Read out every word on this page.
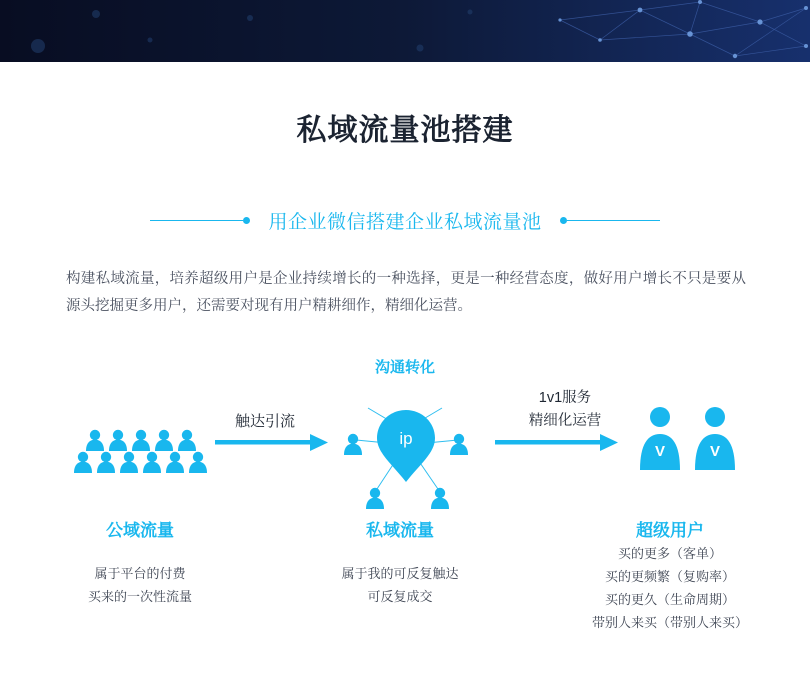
私域流量池搭建
用企业微信搭建企业私域流量池
构建私域流量，培养超级用户是企业持续增长的一种选择，更是一种经营态度，做好用户增长不只是要从源头挖掘更多用户，还需要对现有用户精耕细作，精细化运营。
ip
V	V
沟通转化
触达引流
1v1服务
精细化运营
公域流量	私域流量	超级用户
属于平台的付费
买来的一次性流量
属于我的可反复触达
可反复成交
买的更多（客单）
买的更频繁（复购率）
买的更久（生命周期）
带别人来买（带别人来买）
